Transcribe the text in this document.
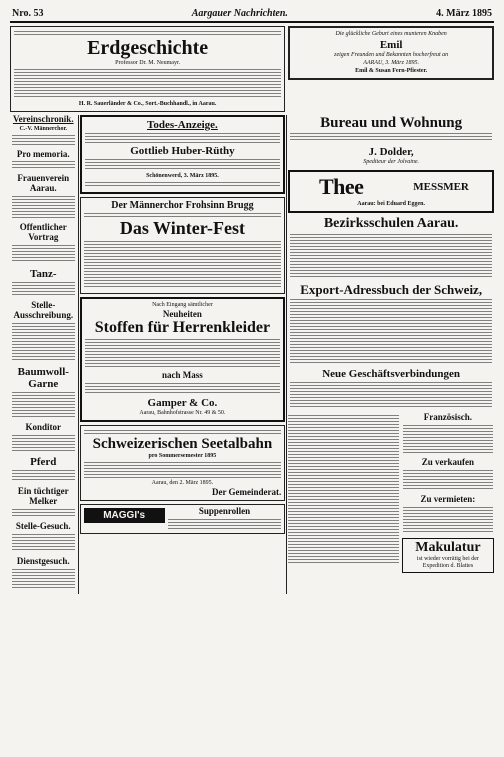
Nro. 53	Aargauer Nachrichten.	4. März 1895
Erdgeschichte
Professor Dr. M. Neumayr.
H. R. Sauerländer & Co., Sort.-Buchhandl., in Aarau.
Die glückliche Geburt eines munteren Knaben
Emil
zeigen Freunden und Bekannten hocherfreut an
AARAU, 3. März 1895.
Emil & Susan Fern-Pfiester.
Vereinschronik.
C.-V. Männerchor.
Pro memoria.
Frauenverein Aarau.
Öffentlicher Vortrag
Tanz-
Stelle-Ausschreibung.
Baumwoll-Garne
Konditor
Pferd
Ein tüchtiger Melker
Stelle-Gesuch.
Dienstgesuch.
Todes-Anzeige.
Gottlieb Huber-Rüthy
Schönenwerd, 3. März 1895.
Der Männerchor Frohsinn Brugg
Das Winter-Fest
Nach Eingang sämtlicher
Neuheiten
Stoffen für Herrenkleider
nach Mass
Gamper & Co.
Aarau, Bahnhofstrasse Nr. 49 & 50.
Schweizerischen Seetalbahn
pro Sommersemester 1895
Aarau, den 2. März 1895.
Der Gemeinderat.
MAGGI's	Suppenrollen
Bureau und Wohnung
J. Dolder,
Spediteur der Jolvaine.
Thee	MESSMER
Aarau: bei Eduard Eggen.
Bezirksschulen Aarau.
Export-Adressbuch der Schweiz,
Neue Geschäftsverbindungen
Französisch.
Zu verkaufen
Zu vermieten:
Makulatur
ist wieder vorrätig bei der Expedition d. Blattes
